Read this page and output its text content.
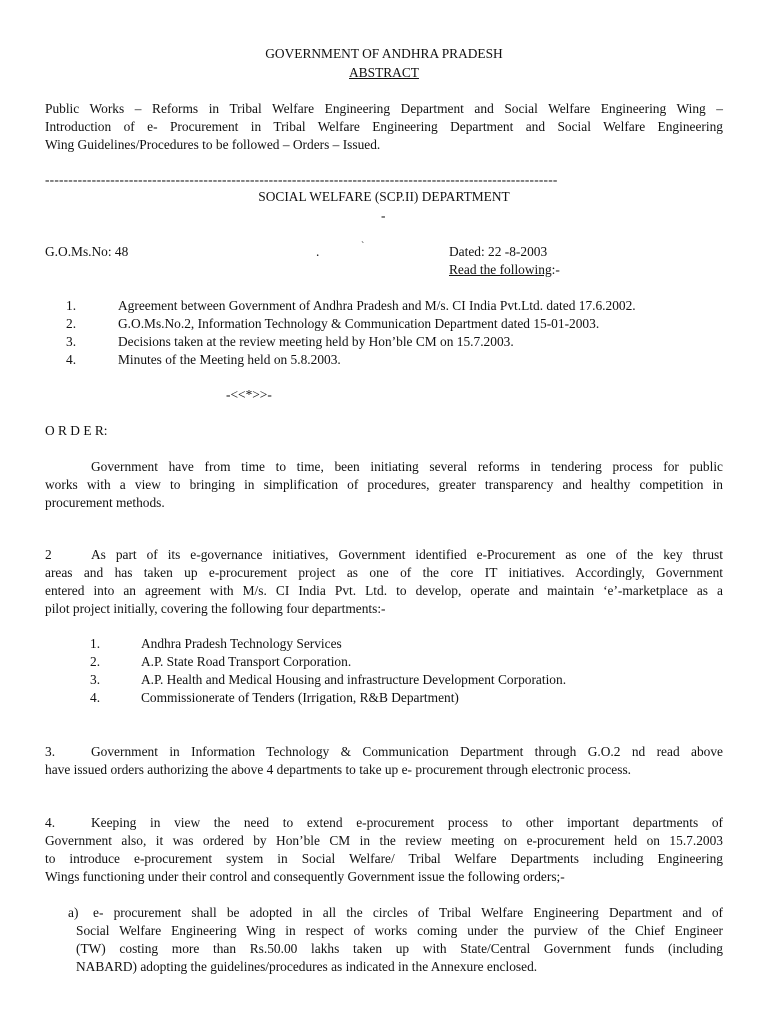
GOVERNMENT OF ANDHRA PRADESH
ABSTRACT
Public Works – Reforms in Tribal Welfare Engineering Department and Social Welfare Engineering Wing –
Introduction of e- Procurement in Tribal Welfare Engineering Department and Social Welfare Engineering
Wing Guidelines/Procedures to be followed – Orders – Issued.
--------------------------------------------------------------------------------------------------------------
SOCIAL WELFARE (SCP.II) DEPARTMENT
-
G.O.Ms.No: 48	.	`	Dated: 22 -8-2003
Read the following:-
1.	Agreement between Government of Andhra Pradesh and M/s. CI India Pvt.Ltd. dated 17.6.2002.
2.	G.O.Ms.No.2, Information Technology & Communication Department dated 15-01-2003.
3.	Decisions taken at the review meeting held by Hon’ble CM on 15.7.2003.
4.	Minutes of the Meeting held on 5.8.2003.
-<<*>>-
O R D E R:
Government have from time to time, been initiating several reforms in tendering process for public
works with a view to bringing in simplification of procedures, greater transparency and healthy competition in
procurement methods.
2	As part of its e-governance initiatives, Government identified e-Procurement as one of the key thrust
areas and has taken up e-procurement project as one of the core IT initiatives. Accordingly, Government
entered into an agreement with M/s. CI India Pvt. Ltd. to develop, operate and maintain ‘e’-marketplace as a
pilot project initially, covering the following four departments:-
1.	Andhra Pradesh Technology Services
2.	A.P. State Road Transport Corporation.
3.	A.P. Health and Medical Housing and infrastructure Development Corporation.
4.	Commissionerate of Tenders (Irrigation, R&B Department)
3.	Government in Information Technology & Communication Department through G.O.2 nd read above
have issued orders authorizing the above 4 departments to take up e- procurement through electronic process.
4.	Keeping in view the need to extend e-procurement process to other important departments of
Government also, it was ordered by Hon’ble CM in the review meeting on e-procurement held on 15.7.2003
to introduce e-procurement system in Social Welfare/ Tribal Welfare Departments including Engineering
Wings functioning under their control and consequently Government issue the following orders;-
a)	e- procurement shall be adopted in all the circles of Tribal Welfare Engineering Department and of
Social Welfare Engineering Wing in respect of works coming under the purview of the Chief Engineer
(TW) costing more than Rs.50.00 lakhs taken up with State/Central Government funds (including
NABARD) adopting the guidelines/procedures as indicated in the Annexure enclosed.
